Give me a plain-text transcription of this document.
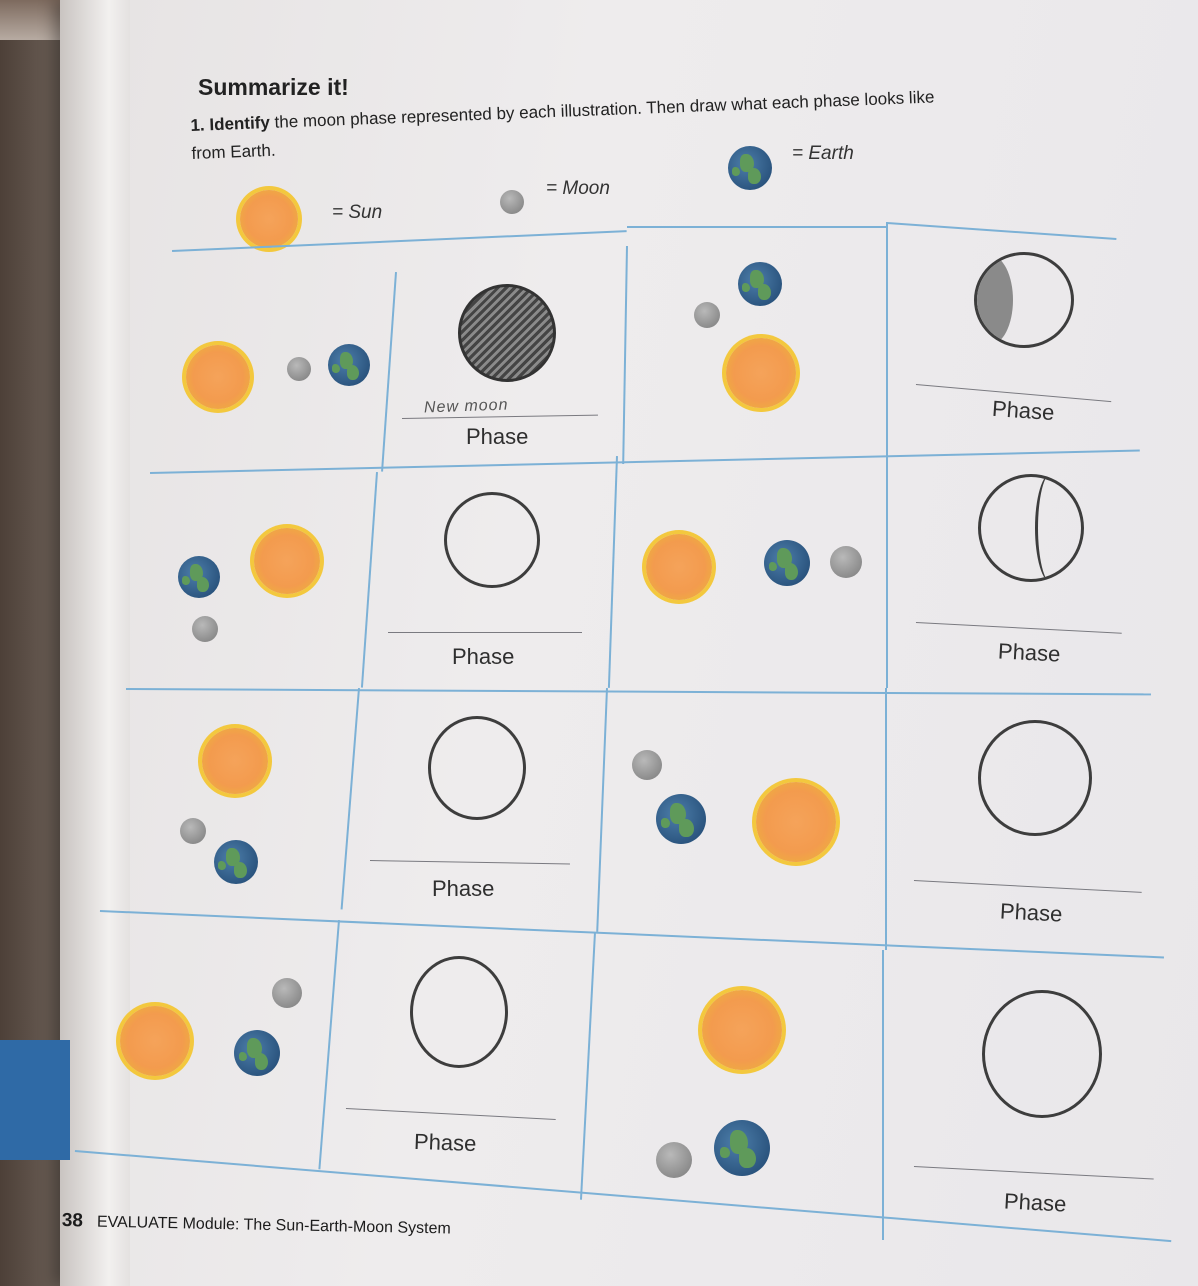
Summarize it!
1. Identify the moon phase represented by each illustration. Then draw what each phase looks like from Earth.
= Sun
= Moon
= Earth
New moon
Phase
Phase
Phase	Phase
Phase
Phase
Phase
Phase
38 EVALUATE Module: The Sun-Earth-Moon System
